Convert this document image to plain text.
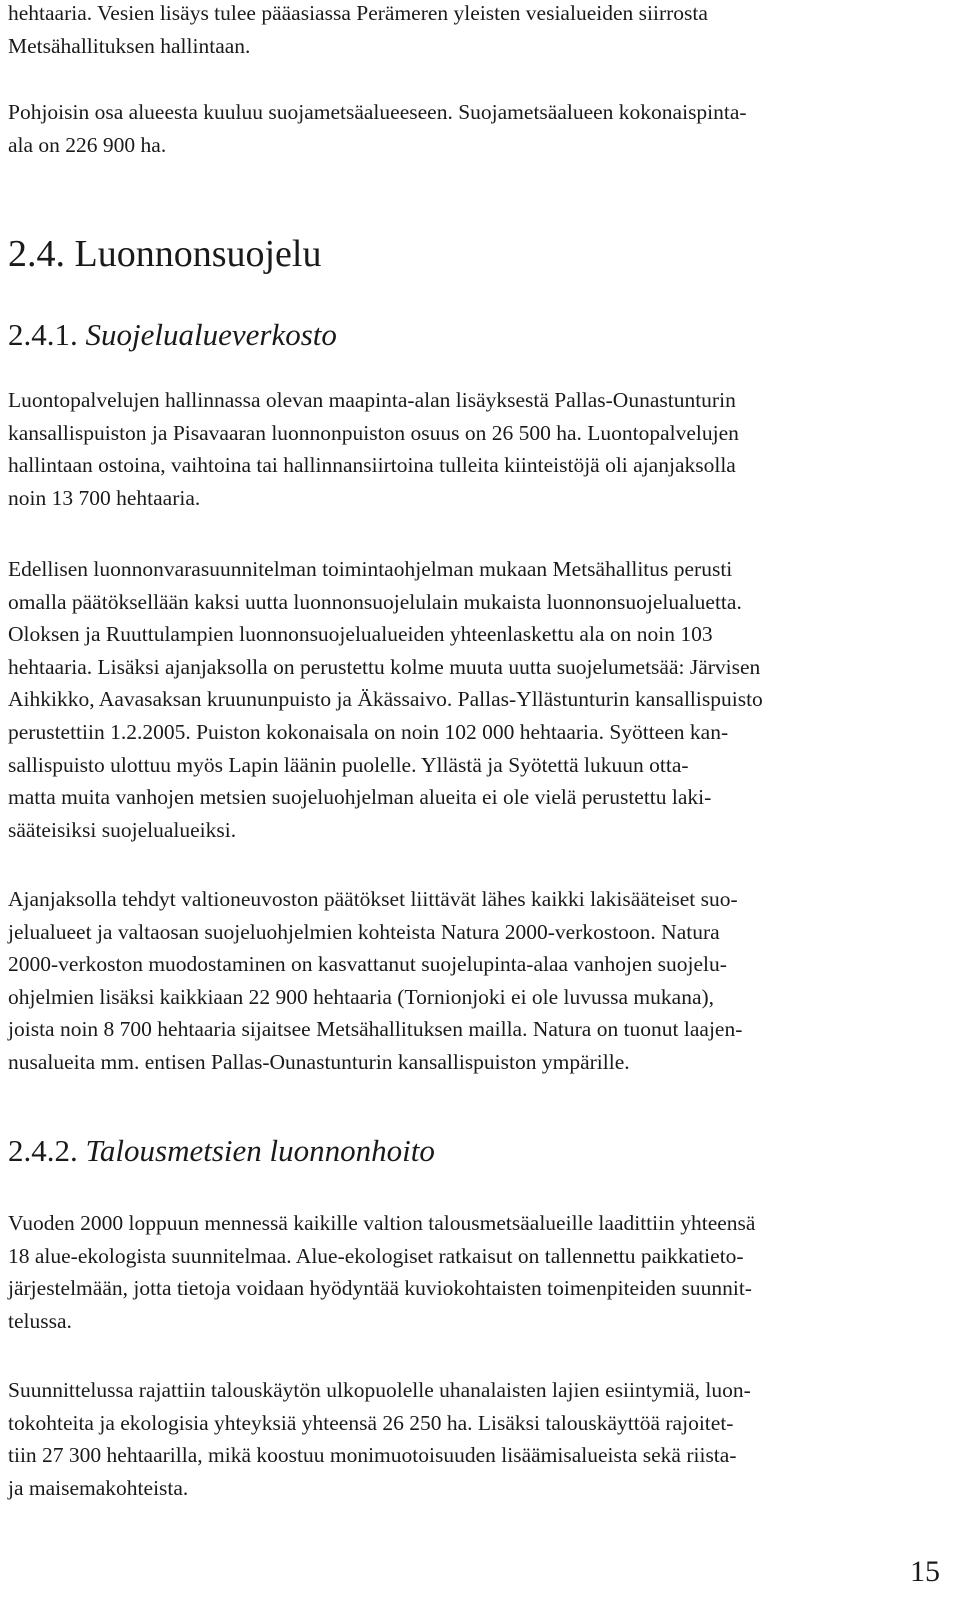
hehtaaria. Vesien lisäys tulee pääasiassa Perämeren yleisten vesialueiden siirrosta
Metsähallituksen hallintaan.

Pohjoisin osa alueesta kuuluu suojametsäalueeseen. Suojametsäalueen kokonaispinta-
ala on 226 900 ha.

2.4. Luonnonsuojelu
2.4.1. Suojelualueverkosto

Luontopalvelujen hallinnassa olevan maapinta-alan lisäyksestä Pallas-Ounastunturin
kansallispuiston ja Pisavaaran luonnonpuiston osuus on 26 500 ha. Luontopalvelujen
hallintaan ostoina, vaihtoina tai hallinnansiirtoina tulleita kiinteistöjä oli ajanjaksolla
noin 13 700 hehtaaria.

Edellisen luonnonvarasuunnitelman toimintaohjelman mukaan Metsähallitus perusti
omalla päätöksellään kaksi uutta luonnonsuojelulain mukaista luonnonsuojelualuetta.
Oloksen ja Ruuttulampien luonnonsuojelualueiden yhteenlaskettu ala on noin 103
hehtaaria. Lisäksi ajanjaksolla on perustettu kolme muuta uutta suojelumetsää: Järvisen
Aihkikko, Aavasaksan kruununpuisto ja Äkässaivo. Pallas-Yllästunturin kansallispuisto
perustettiin 1.2.2005. Puiston kokonaisala on noin 102 000 hehtaaria. Syötteen kan-
sallispuisto ulottuu myös Lapin läänin puolelle. Yllästä ja Syötettä lukuun otta-
matta muita vanhojen metsien suojeluohjelman alueita ei ole vielä perustettu laki-
sääteisiksi suojelualueiksi.

Ajanjaksolla tehdyt valtioneuvoston päätökset liittävät lähes kaikki lakisääteiset suo-
jelualueet ja valtaosan suojeluohjelmien kohteista Natura 2000-verkostoon. Natura
2000-verkoston muodostaminen on kasvattanut suojelupinta-alaa vanhojen suojelu-
ohjelmien lisäksi kaikkiaan 22 900 hehtaaria (Tornionjoki ei ole luvussa mukana),
joista noin 8 700 hehtaaria sijaitsee Metsähallituksen mailla. Natura on tuonut laajen-
nusalueita mm. entisen Pallas-Ounastunturin kansallispuiston ympärille.

2.4.2. Talousmetsien luonnonhoito

Vuoden 2000 loppuun mennessä kaikille valtion talousmetsäalueille laadittiin yhteensä
18 alue-ekologista suunnitelmaa. Alue-ekologiset ratkaisut on tallennettu paikkatieto-
järjestelmään, jotta tietoja voidaan hyödyntää kuviokohtaisten toimenpiteiden suunnit-
telussa.

Suunnittelussa rajattiin talouskäytön ulkopuolelle uhanalaisten lajien esiintymiä, luon-
tokohteita ja ekologisia yhteyksiä yhteensä 26 250 ha. Lisäksi talouskäyttöä rajoitet-
tiin 27 300 hehtaarilla, mikä koostuu monimuotoisuuden lisäämisalueista sekä riista-
ja maisemakohteista.

15
